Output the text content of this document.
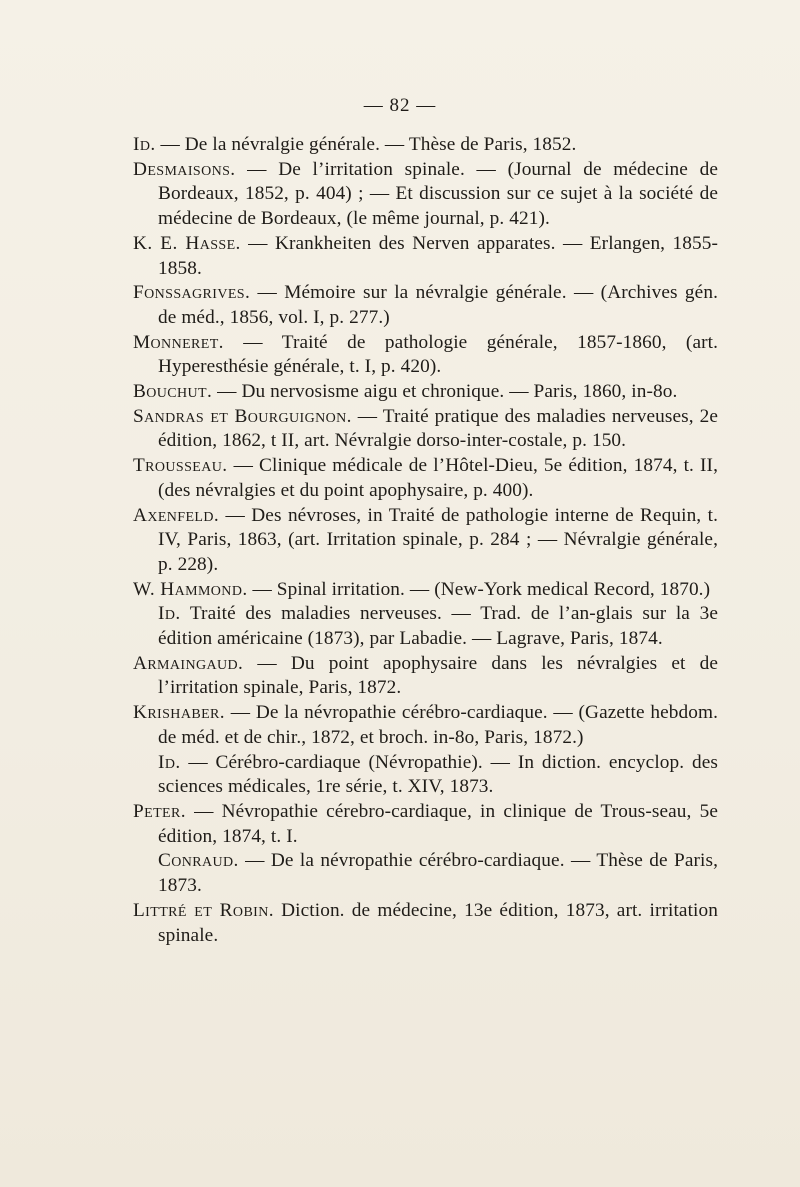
— 82 —

Id. — De la névralgie générale. — Thèse de Paris, 1852.

Desmaisons. — De l’irritation spinale. — (Journal de médecine de Bordeaux, 1852, p. 404) ; — Et discussion sur ce sujet à la société de médecine de Bordeaux, (le même journal, p. 421).

K. E. Hasse. — Krankheiten des Nerven apparates. — Erlangen, 1855-1858.

Fonssagrives. — Mémoire sur la névralgie générale. — (Archives gén. de méd., 1856, vol. I, p. 277.)

Monneret. — Traité de pathologie générale, 1857-1860, (art. Hyperesthésie générale, t. I, p. 420).

Bouchut. — Du nervosisme aigu et chronique. — Paris, 1860, in-8o.

Sandras et Bourguignon. — Traité pratique des maladies nerveuses, 2e édition, 1862, t II, art. Névralgie dorso-inter-costale, p. 150.

Trousseau. — Clinique médicale de l’Hôtel-Dieu, 5e édition, 1874, t. II, (des névralgies et du point apophysaire, p. 400).

Axenfeld. — Des névroses, in Traité de pathologie interne de Requin, t. IV, Paris, 1863, (art. Irritation spinale, p. 284 ; — Névralgie générale, p. 228).

W. Hammond. — Spinal irritation. — (New-York medical Record, 1870.)

Id. Traité des maladies nerveuses. — Trad. de l’an-glais sur la 3e édition américaine (1873), par Labadie. — Lagrave, Paris, 1874.

Armaingaud. — Du point apophysaire dans les névralgies et de l’irritation spinale, Paris, 1872.

Krishaber. — De la névropathie cérébro-cardiaque. — (Gazette hebdom. de méd. et de chir., 1872, et broch. in-8o, Paris, 1872.)

Id. — Cérébro-cardiaque (Névropathie). — In diction. encyclop. des sciences médicales, 1re série, t. XIV, 1873.

Peter. — Névropathie cérebro-cardiaque, in clinique de Trous-seau, 5e édition, 1874, t. I.

Conraud. — De la névropathie cérébro-cardiaque. — Thèse de Paris, 1873.

Littré et Robin. Diction. de médecine, 13e édition, 1873, art. irritation spinale.
